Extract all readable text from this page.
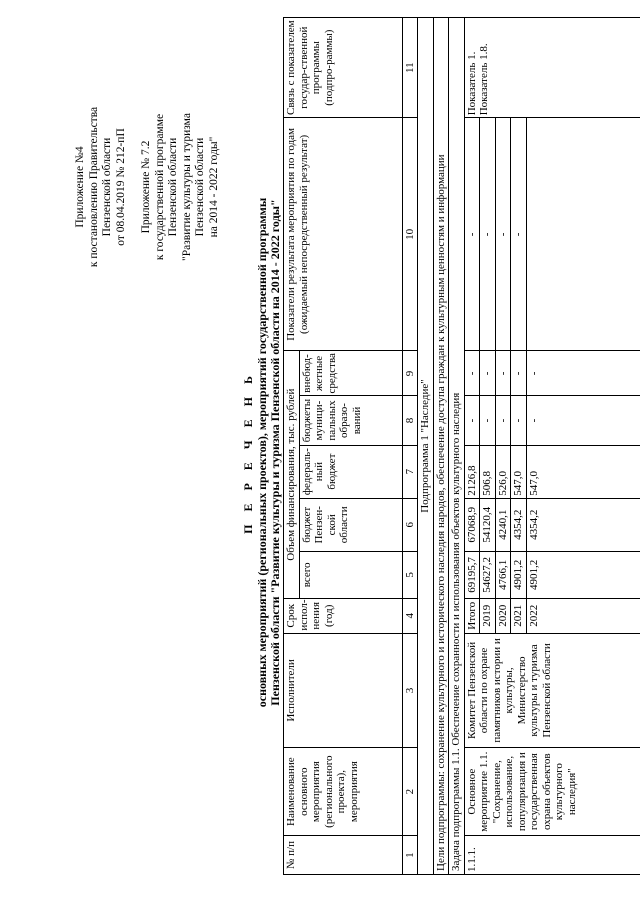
Приложение №4 к постановлению Правительства Пензенской области от 08.04.2019 № 212-пП Приложение № 7.2 к государственной программе Пензенской области "Развитие культуры и туризма Пензенской области на 2014 - 2022 годы"
П Е Р Е Ч Е Н Ь основных мероприятий (региональных проектов), мероприятий государственной программы Пензенской области "Развитие культуры и туризма Пензенской области на 2014 - 2022 годы"
№ п/п	Наименование основного мероприятия (регионального проекта), мероприятия	Исполнители	Срок испол-нения (год)	Объем финансирования, тыс. рублей					Показатели результата мероприятия по годам (ожидаемый непосредственный результат)	Связь с показателем государ-ственной программы (подпро-раммы)
				всего	бюджет Пензен-ской области	федераль-ный бюджет	бюджеты муници-пальных образо-ваний	внебюд-жетные средства		
1	2	3	4	5	6	7	8	9	10	11
Подпрограмма 1 "Наследие"										
Цели подпрограммы: сохранение культурного и исторического наследия народов, обеспечение доступа граждан к культурным ценностям и информации										
Задача подпрограммы 1.1. Обеспечение сохранности и использования объектов культурного наследия										
1.1.1.	Основное мероприятие 1.1. "Сохранение, использование, популяризация и государственная охрана объектов культурного наследия"	Комитет Пензенской области по охране памятников истории и культуры, Министерство культуры и туризма Пензенской области	Итого	69195,7	67068,9	2126,8	-	-	-	Показатель 1. Показатель 1.8.

			2019	54627,2	54120,4	506,8	-	-	-	
			2020	4766,1	4240,1	526,0	-	-	-	
			2021	4901,2	4354,2	547,0	-	-	-	
			2022	4901,2	4354,2	547,0	-	-		
